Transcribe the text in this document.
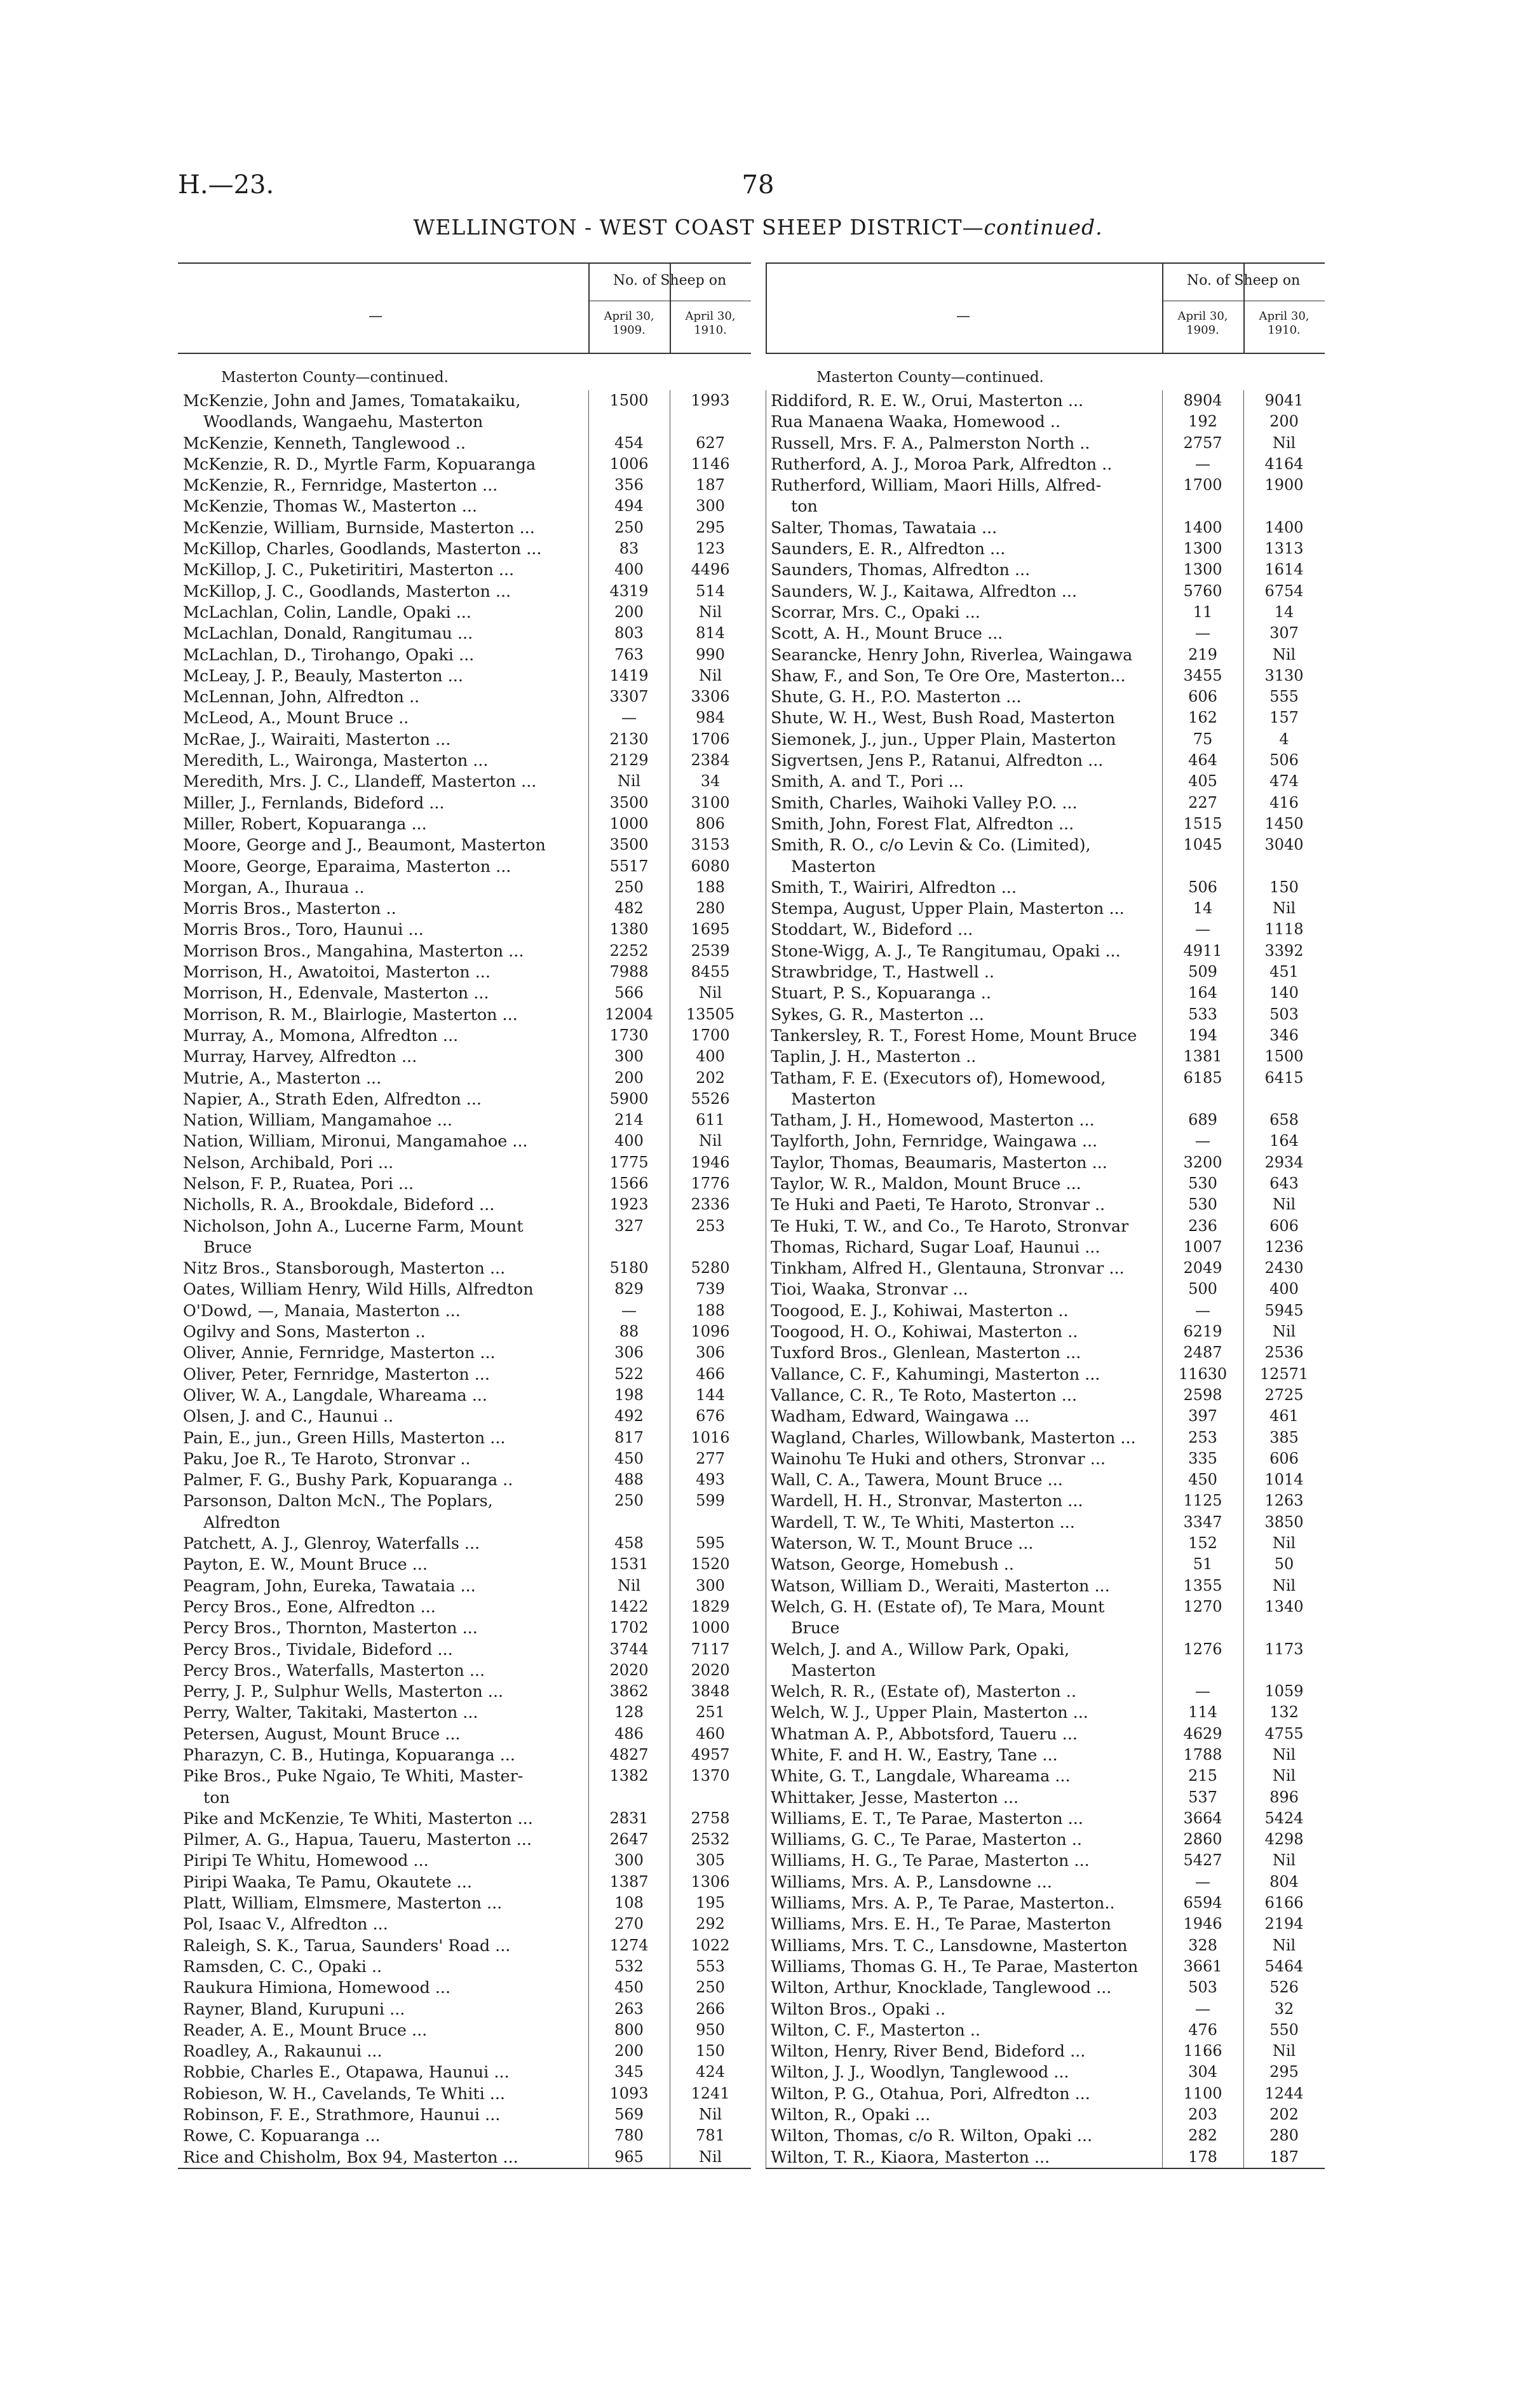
H.—23.	78
WELLINGTON - WEST COAST SHEEP DISTRICT—continued.
—
No. of Sheep on
April 30, 1909.
April 30, 1910.
Masterton County—continued.
McKenzie, John and James, Tomatakaiku,	1500	1993
Woodlands, Wangaehu, Masterton
McKenzie, Kenneth, Tanglewood ..	454	627
McKenzie, R. D., Myrtle Farm, Kopuaranga	1006	1146
McKenzie, R., Fernridge, Masterton ...	356	187
McKenzie, Thomas W., Masterton ...	494	300
McKenzie, William, Burnside, Masterton ...	250	295
McKillop, Charles, Goodlands, Masterton ...	83	123
McKillop, J. C., Puketiritiri, Masterton ...	400	4496
McKillop, J. C., Goodlands, Masterton ...	4319	514
McLachlan, Colin, Landle, Opaki ...	200	Nil
McLachlan, Donald, Rangitumau ...	803	814
McLachlan, D., Tirohango, Opaki ...	763	990
McLeay, J. P., Beauly, Masterton ...	1419	Nil
McLennan, John, Alfredton ..	3307	3306
McLeod, A., Mount Bruce ..	—	984
McRae, J., Wairaiti, Masterton ...	2130	1706
Meredith, L., Waironga, Masterton ...	2129	2384
Meredith, Mrs. J. C., Llandeff, Masterton ...	Nil	34
Miller, J., Fernlands, Bideford ...	3500	3100
Miller, Robert, Kopuaranga ...	1000	806
Moore, George and J., Beaumont, Masterton	3500	3153
Moore, George, Eparaima, Masterton ...	5517	6080
Morgan, A., Ihuraua ..	250	188
Morris Bros., Masterton ..	482	280
Morris Bros., Toro, Haunui ...	1380	1695
Morrison Bros., Mangahina, Masterton ...	2252	2539
Morrison, H., Awatoitoi, Masterton ...	7988	8455
Morrison, H., Edenvale, Masterton ...	566	Nil
Morrison, R. M., Blairlogie, Masterton ...	12004	13505
Murray, A., Momona, Alfredton ...	1730	1700
Murray, Harvey, Alfredton ...	300	400
Mutrie, A., Masterton ...	200	202
Napier, A., Strath Eden, Alfredton ...	5900	5526
Nation, William, Mangamahoe ...	214	611
Nation, William, Mironui, Mangamahoe ...	400	Nil
Nelson, Archibald, Pori ...	1775	1946
Nelson, F. P., Ruatea, Pori ...	1566	1776
Nicholls, R. A., Brookdale, Bideford ...	1923	2336
Nicholson, John A., Lucerne Farm, Mount	327	253
Bruce
Nitz Bros., Stansborough, Masterton ...	5180	5280
Oates, William Henry, Wild Hills, Alfredton	829	739
O'Dowd, —, Manaia, Masterton ...	—	188
Ogilvy and Sons, Masterton ..	88	1096
Oliver, Annie, Fernridge, Masterton ...	306	306
Oliver, Peter, Fernridge, Masterton ...	522	466
Oliver, W. A., Langdale, Whareama ...	198	144
Olsen, J. and C., Haunui ..	492	676
Pain, E., jun., Green Hills, Masterton ...	817	1016
Paku, Joe R., Te Haroto, Stronvar ..	450	277
Palmer, F. G., Bushy Park, Kopuaranga ..	488	493
Parsonson, Dalton McN., The Poplars,	250	599
Alfredton
Patchett, A. J., Glenroy, Waterfalls ...	458	595
Payton, E. W., Mount Bruce ...	1531	1520
Peagram, John, Eureka, Tawataia ...	Nil	300
Percy Bros., Eone, Alfredton ...	1422	1829
Percy Bros., Thornton, Masterton ...	1702	1000
Percy Bros., Tividale, Bideford ...	3744	7117
Percy Bros., Waterfalls, Masterton ...	2020	2020
Perry, J. P., Sulphur Wells, Masterton ...	3862	3848
Perry, Walter, Takitaki, Masterton ...	128	251
Petersen, August, Mount Bruce ...	486	460
Pharazyn, C. B., Hutinga, Kopuaranga ...	4827	4957
Pike Bros., Puke Ngaio, Te Whiti, Master-	1382	1370
ton
Pike and McKenzie, Te Whiti, Masterton ...	2831	2758
Pilmer, A. G., Hapua, Taueru, Masterton ...	2647	2532
Piripi Te Whitu, Homewood ...	300	305
Piripi Waaka, Te Pamu, Okautete ...	1387	1306
Platt, William, Elmsmere, Masterton ...	108	195
Pol, Isaac V., Alfredton ...	270	292
Raleigh, S. K., Tarua, Saunders' Road ...	1274	1022
Ramsden, C. C., Opaki ..	532	553
Raukura Himiona, Homewood ...	450	250
Rayner, Bland, Kurupuni ...	263	266
Reader, A. E., Mount Bruce ...	800	950
Roadley, A., Rakaunui ...	200	150
Robbie, Charles E., Otapawa, Haunui ...	345	424
Robieson, W. H., Cavelands, Te Whiti ...	1093	1241
Robinson, F. E., Strathmore, Haunui ...	569	Nil
Rowe, C. Kopuaranga ...	780	781
Rice and Chisholm, Box 94, Masterton ...	965	Nil
—
No. of Sheep on
April 30, 1909.
April 30, 1910.
Masterton County—continued.
Riddiford, R. E. W., Orui, Masterton ...	8904	9041
Rua Manaena Waaka, Homewood ..	192	200
Russell, Mrs. F. A., Palmerston North ..	2757	Nil
Rutherford, A. J., Moroa Park, Alfredton ..	—	4164
Rutherford, William, Maori Hills, Alfred-	1700	1900
ton
Salter, Thomas, Tawataia ...	1400	1400
Saunders, E. R., Alfredton ...	1300	1313
Saunders, Thomas, Alfredton ...	1300	1614
Saunders, W. J., Kaitawa, Alfredton ...	5760	6754
Scorrar, Mrs. C., Opaki ...	11	14
Scott, A. H., Mount Bruce ...	—	307
Searancke, Henry John, Riverlea, Waingawa	219	Nil
Shaw, F., and Son, Te Ore Ore, Masterton...	3455	3130
Shute, G. H., P.O. Masterton ...	606	555
Shute, W. H., West, Bush Road, Masterton	162	157
Siemonek, J., jun., Upper Plain, Masterton	75	4
Sigvertsen, Jens P., Ratanui, Alfredton ...	464	506
Smith, A. and T., Pori ...	405	474
Smith, Charles, Waihoki Valley P.O. ...	227	416
Smith, John, Forest Flat, Alfredton ...	1515	1450
Smith, R. O., c/o Levin & Co. (Limited),	1045	3040
Masterton
Smith, T., Wairiri, Alfredton ...	506	150
Stempa, August, Upper Plain, Masterton ...	14	Nil
Stoddart, W., Bideford ...	—	1118
Stone-Wigg, A. J., Te Rangitumau, Opaki ...	4911	3392
Strawbridge, T., Hastwell ..	509	451
Stuart, P. S., Kopuaranga ..	164	140
Sykes, G. R., Masterton ...	533	503
Tankersley, R. T., Forest Home, Mount Bruce	194	346
Taplin, J. H., Masterton ..	1381	1500
Tatham, F. E. (Executors of), Homewood,	6185	6415
Masterton
Tatham, J. H., Homewood, Masterton ...	689	658
Taylforth, John, Fernridge, Waingawa ...	—	164
Taylor, Thomas, Beaumaris, Masterton ...	3200	2934
Taylor, W. R., Maldon, Mount Bruce ...	530	643
Te Huki and Paeti, Te Haroto, Stronvar ..	530	Nil
Te Huki, T. W., and Co., Te Haroto, Stronvar	236	606
Thomas, Richard, Sugar Loaf, Haunui ...	1007	1236
Tinkham, Alfred H., Glentauna, Stronvar ...	2049	2430
Tioi, Waaka, Stronvar ...	500	400
Toogood, E. J., Kohiwai, Masterton ..	—	5945
Toogood, H. O., Kohiwai, Masterton ..	6219	Nil
Tuxford Bros., Glenlean, Masterton ...	2487	2536
Vallance, C. F., Kahumingi, Masterton ...	11630	12571
Vallance, C. R., Te Roto, Masterton ...	2598	2725
Wadham, Edward, Waingawa ...	397	461
Wagland, Charles, Willowbank, Masterton ...	253	385
Wainohu Te Huki and others, Stronvar ...	335	606
Wall, C. A., Tawera, Mount Bruce ...	450	1014
Wardell, H. H., Stronvar, Masterton ...	1125	1263
Wardell, T. W., Te Whiti, Masterton ...	3347	3850
Waterson, W. T., Mount Bruce ...	152	Nil
Watson, George, Homebush ..	51	50
Watson, William D., Weraiti, Masterton ...	1355	Nil
Welch, G. H. (Estate of), Te Mara, Mount	1270	1340
Bruce
Welch, J. and A., Willow Park, Opaki,	1276	1173
Masterton
Welch, R. R., (Estate of), Masterton ..	—	1059
Welch, W. J., Upper Plain, Masterton ...	114	132
Whatman A. P., Abbotsford, Taueru ...	4629	4755
White, F. and H. W., Eastry, Tane ...	1788	Nil
White, G. T., Langdale, Whareama ...	215	Nil
Whittaker, Jesse, Masterton ...	537	896
Williams, E. T., Te Parae, Masterton ...	3664	5424
Williams, G. C., Te Parae, Masterton ..	2860	4298
Williams, H. G., Te Parae, Masterton ...	5427	Nil
Williams, Mrs. A. P., Lansdowne ...	—	804
Williams, Mrs. A. P., Te Parae, Masterton..	6594	6166
Williams, Mrs. E. H., Te Parae, Masterton	1946	2194
Williams, Mrs. T. C., Lansdowne, Masterton	328	Nil
Williams, Thomas G. H., Te Parae, Masterton	3661	5464
Wilton, Arthur, Knocklade, Tanglewood ...	503	526
Wilton Bros., Opaki ..	—	32
Wilton, C. F., Masterton ..	476	550
Wilton, Henry, River Bend, Bideford ...	1166	Nil
Wilton, J. J., Woodlyn, Tanglewood ...	304	295
Wilton, P. G., Otahua, Pori, Alfredton ...	1100	1244
Wilton, R., Opaki ...	203	202
Wilton, Thomas, c/o R. Wilton, Opaki ...	282	280
Wilton, T. R., Kiaora, Masterton ...	178	187
